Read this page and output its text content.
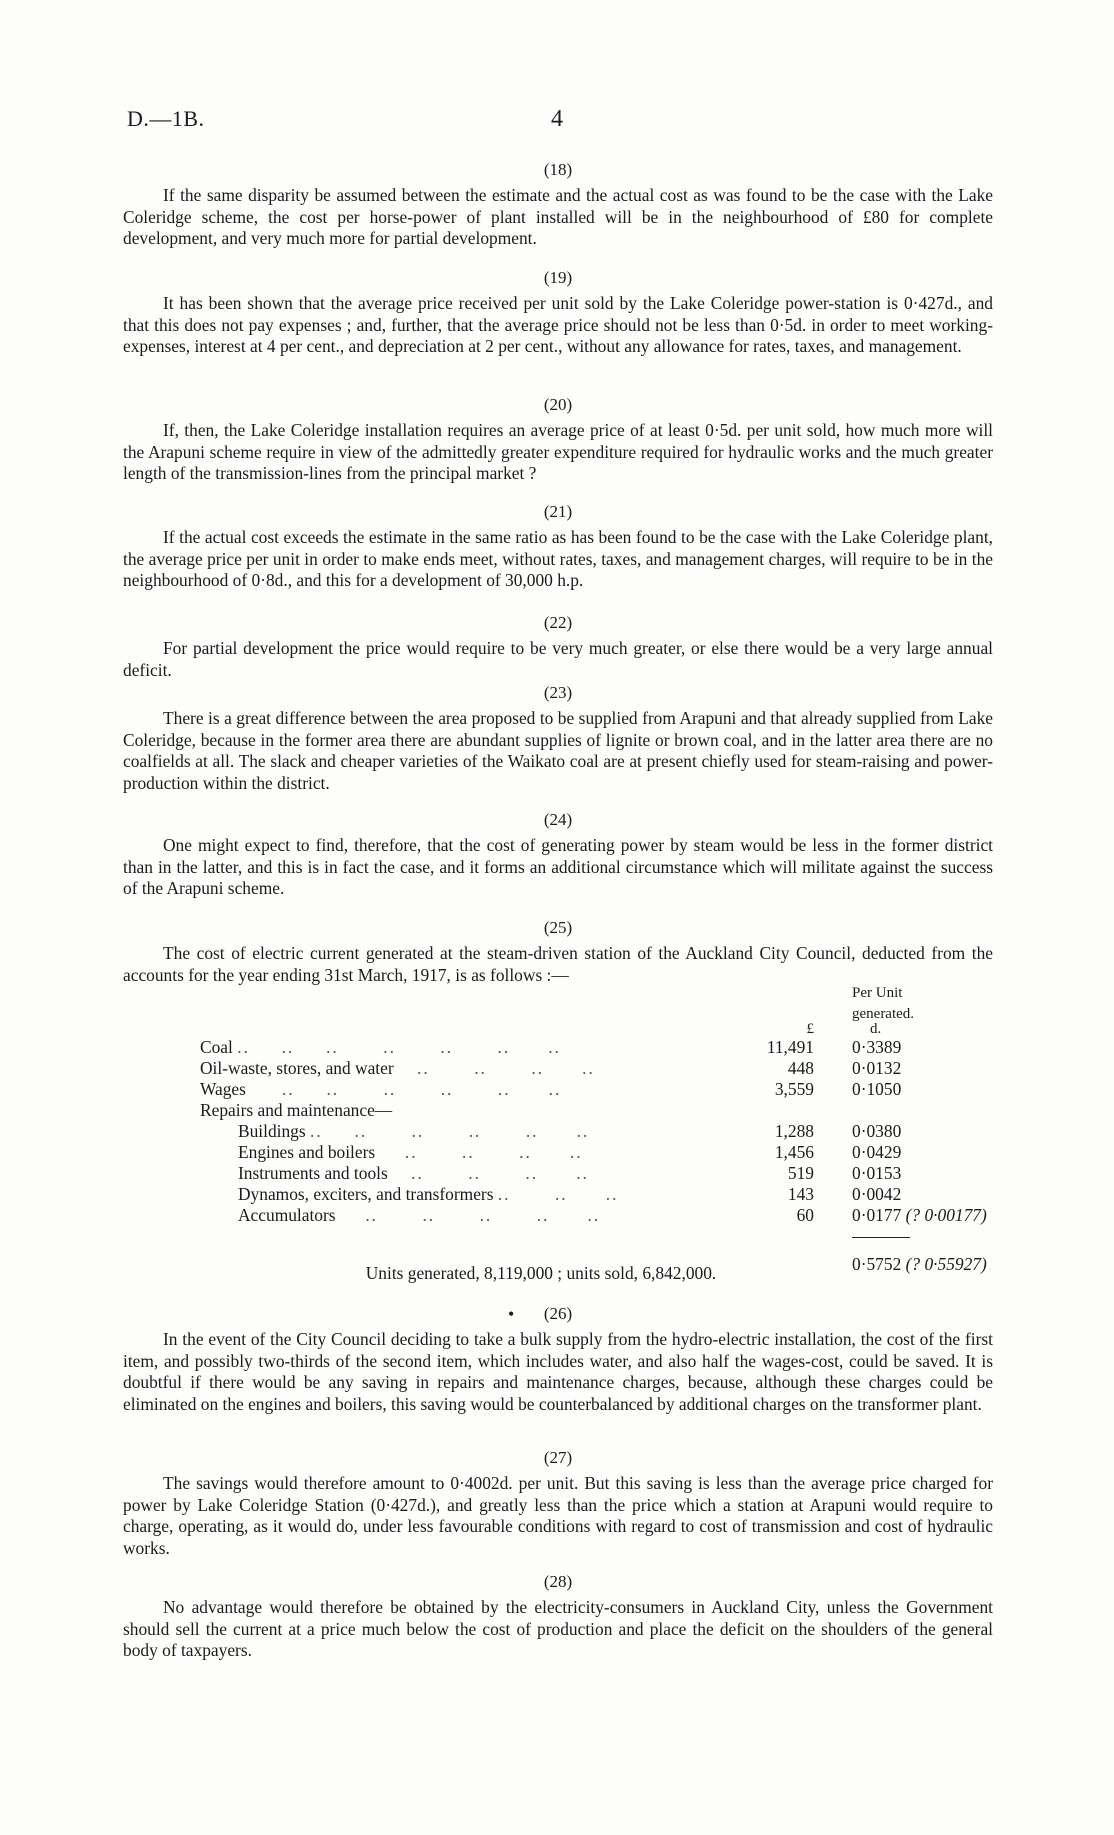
D.—1B.	4
(18)

If the same disparity be assumed between the estimate and the actual cost as was found to be the case with the Lake Coleridge scheme, the cost per horse-power of plant installed will be in the neighbourhood of £80 for complete development, and very much more for partial development.

(19)

It has been shown that the average price received per unit sold by the Lake Coleridge power-station is 0·427d., and that this does not pay expenses ; and, further, that the average price should not be less than 0·5d. in order to meet working-expenses, interest at 4 per cent., and depreciation at 2 per cent., without any allowance for rates, taxes, and management.

(20)

If, then, the Lake Coleridge installation requires an average price of at least 0·5d. per unit sold, how much more will the Arapuni scheme require in view of the admittedly greater expenditure required for hydraulic works and the much greater length of the transmission-lines from the principal market ?

(21)

If the actual cost exceeds the estimate in the same ratio as has been found to be the case with the Lake Coleridge plant, the average price per unit in order to make ends meet, without rates, taxes, and management charges, will require to be in the neighbourhood of 0·8d., and this for a development of 30,000 h.p.

(22)

For partial development the price would require to be very much greater, or else there would be a very large annual deficit.

(23)

There is a great difference between the area proposed to be supplied from Arapuni and that already supplied from Lake Coleridge, because in the former area there are abundant supplies of lignite or brown coal, and in the latter area there are no coalfields at all. The slack and cheaper varieties of the Waikato coal are at present chiefly used for steam-raising and power-production within the district.

(24)

One might expect to find, therefore, that the cost of generating power by steam would be less in the former district than in the latter, and this is in fact the case, and it forms an additional circumstance which will militate against the success of the Arapuni scheme.

(25)

The cost of electric current generated at the steam-driven station of the Auckland City Council, deducted from the accounts for the year ending 31st March, 1917, is as follows :—

		Per Unit
		generated.
	£	d.
Coal ..     ..     ..       ..       ..       ..      ..	11,491	0·3389
Oil-waste, stores, and water    ..       ..       ..      ..	448	0·0132
Wages      ..     ..       ..       ..       ..      ..	3,559	0·1050
Repairs and maintenance—		
Buildings ..     ..       ..       ..       ..      ..	1,288	0·0380
Engines and boilers     ..       ..       ..      ..	1,456	0·0429
Instruments and tools    ..       ..       ..      ..	519	0·0153
Dynamos, exciters, and transformers ..       ..      ..	143	0·0042
Accumulators     ..       ..       ..       ..      ..	60	0·0177 (? 0·00177)

		0·5752 (? 0·55927)
Units generated, 8,119,000 ; units sold, 6,842,000.
(26)

In the event of the City Council deciding to take a bulk supply from the hydro-electric installation, the cost of the first item, and possibly two-thirds of the second item, which includes water, and also half the wages-cost, could be saved. It is doubtful if there would be any saving in repairs and maintenance charges, because, although these charges could be eliminated on the engines and boilers, this saving would be counterbalanced by additional charges on the transformer plant.

(27)

The savings would therefore amount to 0·4002d. per unit. But this saving is less than the average price charged for power by Lake Coleridge Station (0·427d.), and greatly less than the price which a station at Arapuni would require to charge, operating, as it would do, under less favourable conditions with regard to cost of transmission and cost of hydraulic works.

(28)

No advantage would therefore be obtained by the electricity-consumers in Auckland City, unless the Government should sell the current at a price much below the cost of production and place the deficit on the shoulders of the general body of taxpayers.

•
